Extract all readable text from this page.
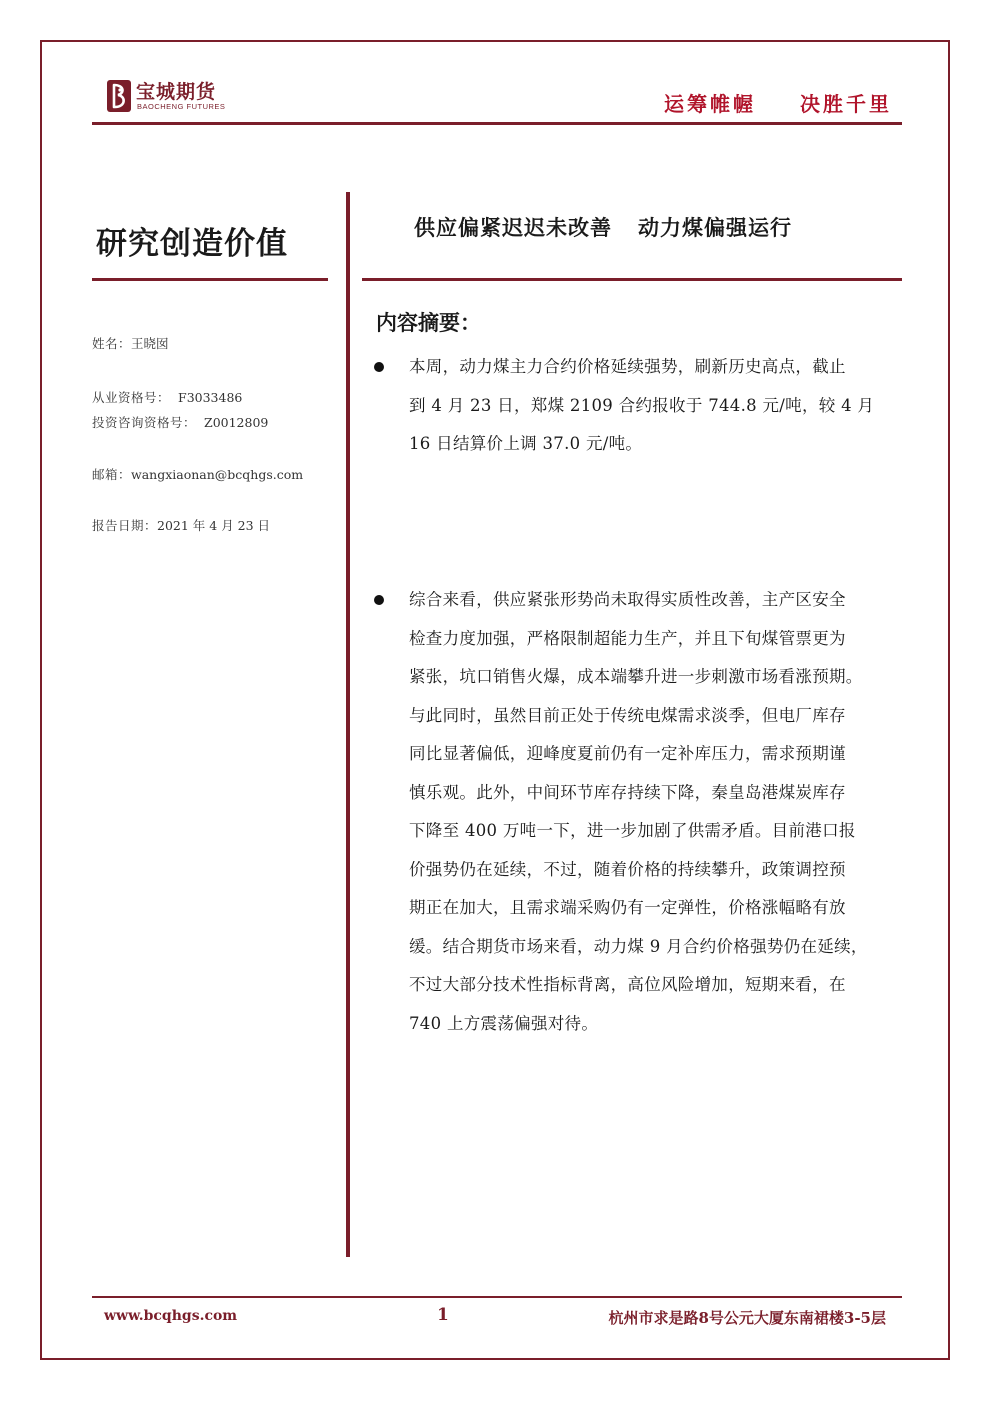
宝城期货
BAOCHENG FUTURES	运筹帷幄 决胜千里
研究创造价值
姓名：王晓囡
从业资格号： F3033486
投资咨询资格号： Z0012809
邮箱：wangxiaonan@bcqhgs.com
报告日期：2021 年 4 月 23 日
供应偏紧迟迟未改善 动力煤偏强运行
内容摘要：
本周，动力煤主力合约价格延续强势，刷新历史高点，截止
到 4 月 23 日，郑煤 2109 合约报收于 744.8 元/吨，较 4 月
16 日结算价上调 37.0 元/吨。
综合来看，供应紧张形势尚未取得实质性改善，主产区安全
检查力度加强，严格限制超能力生产，并且下旬煤管票更为
紧张，坑口销售火爆，成本端攀升进一步刺激市场看涨预期。
与此同时，虽然目前正处于传统电煤需求淡季，但电厂库存
同比显著偏低，迎峰度夏前仍有一定补库压力，需求预期谨
慎乐观。此外，中间环节库存持续下降，秦皇岛港煤炭库存
下降至 400 万吨一下，进一步加剧了供需矛盾。目前港口报
价强势仍在延续，不过，随着价格的持续攀升，政策调控预
期正在加大，且需求端采购仍有一定弹性，价格涨幅略有放
缓。结合期货市场来看，动力煤 9 月合约价格强势仍在延续，
不过大部分技术性指标背离，高位风险增加，短期来看，在
740 上方震荡偏强对待。
www.bcqhgs.com	1	杭州市求是路8号公元大厦东南裙楼3-5层
